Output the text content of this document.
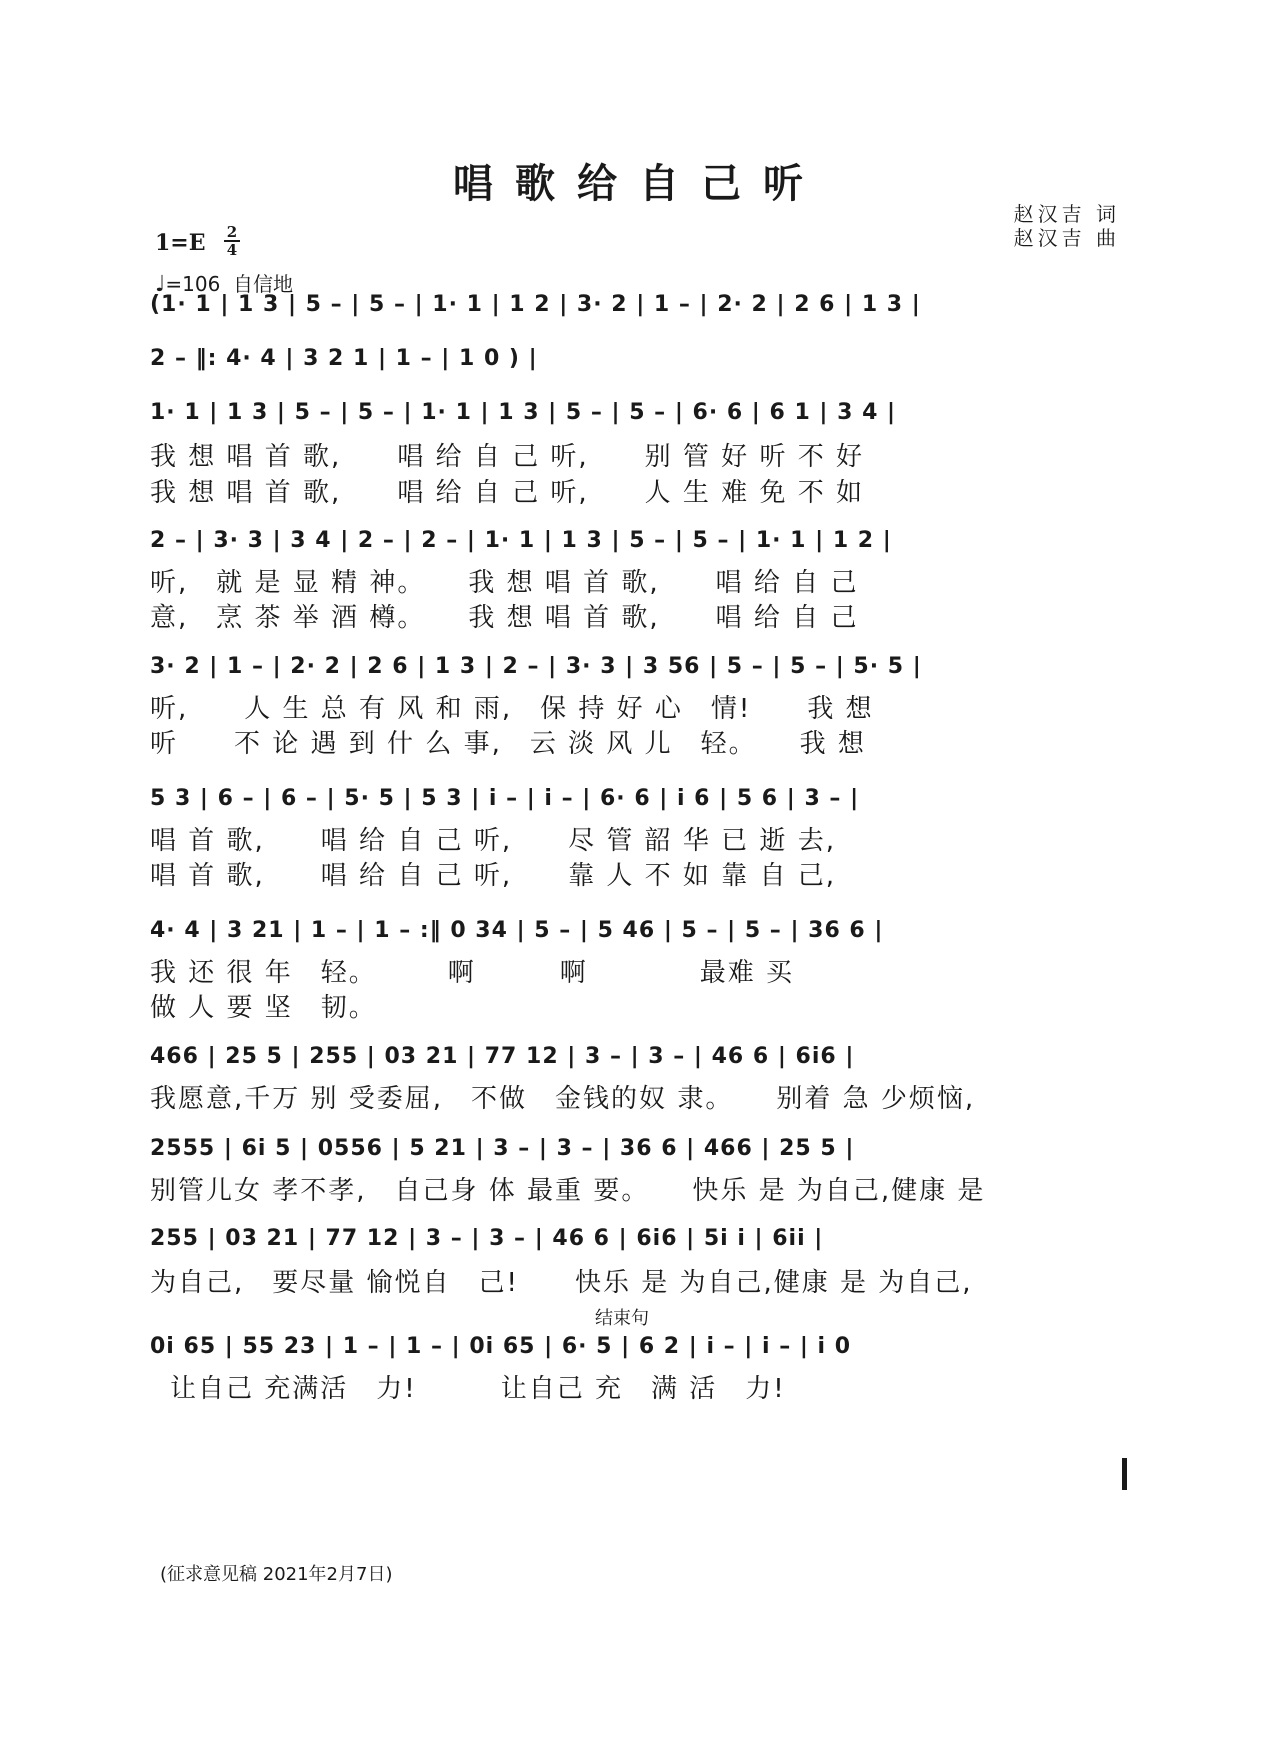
唱歌给自己听
赵汉吉 词
赵汉吉 曲
1=E	2
4
♩=106 自信地
(1· 1 | 1 3 | 5 – | 5 – | 1· 1 | 1 2 | 3· 2 | 1 – | 2· 2 | 2 6 | 1 3 |
2 – ‖: 4· 4 | 3 2 1 | 1 – | 1 0 ) |
1· 1 | 1 3 | 5 – | 5 – | 1· 1 | 1 3 | 5 – | 5 – | 6· 6 | 6 1 | 3 4 |
我 想 唱 首 歌,　　唱 给 自 己 听,　　别 管 好 听 不 好
我 想 唱 首 歌,　　唱 给 自 己 听,　　人 生 难 免 不 如
2 – | 3· 3 | 3 4 | 2 – | 2 – | 1· 1 | 1 3 | 5 – | 5 – | 1· 1 | 1 2 |
听,　就 是 显 精 神。　　我 想 唱 首 歌,　　唱 给 自 己
意,　烹 茶 举 酒 樽。　　我 想 唱 首 歌,　　唱 给 自 己
3· 2 | 1 – | 2· 2 | 2 6 | 1 3 | 2 – | 3· 3 | 3 56 | 5 – | 5 – | 5· 5 |
听,　　人 生 总 有 风 和 雨,　保 持 好 心　情!　　我 想
听　　不 论 遇 到 什 么 事,　云 淡 风 儿　轻。　　我 想
5 3 | 6 – | 6 – | 5· 5 | 5 3 | i – | i – | 6· 6 | i 6 | 5 6 | 3 – |
唱 首 歌,　　唱 给 自 己 听,　　尽 管 韶 华 已 逝 去,
唱 首 歌,　　唱 给 自 己 听,　　靠 人 不 如 靠 自 己,
4· 4 | 3 21 | 1 – | 1 – :‖ 0 34 | 5 – | 5 46 | 5 – | 5 – | 36 6 |
我 还 很 年　轻。　　　啊　　　啊　　　　最难 买
做 人 要 坚　韧。
466 | 25 5 | 255 | 03 21 | 77 12 | 3 – | 3 – | 46 6 | 6i6 |
我愿意,千万 别 受委屈,　不做　金钱的奴 隶。　　别着 急 少烦恼,
2555 | 6i 5 | 0556 | 5 21 | 3 – | 3 – | 36 6 | 466 | 25 5 |
别管儿女 孝不孝,　自己身 体 最重 要。　　快乐 是 为自己,健康 是
255 | 03 21 | 77 12 | 3 – | 3 – | 46 6 | 6i6 | 5i i | 6ii |
为自己,　要尽量 愉悦自　己!　　快乐 是 为自己,健康 是 为自己,
结束句
0i 65 | 55 23 | 1 – | 1 – | 0i 65 | 6· 5 | 6 2 | i – | i – | i 0
让自己 充满活　力!　　　让自己 充　满 活　力!
(征求意见稿 2021年2月7日)
